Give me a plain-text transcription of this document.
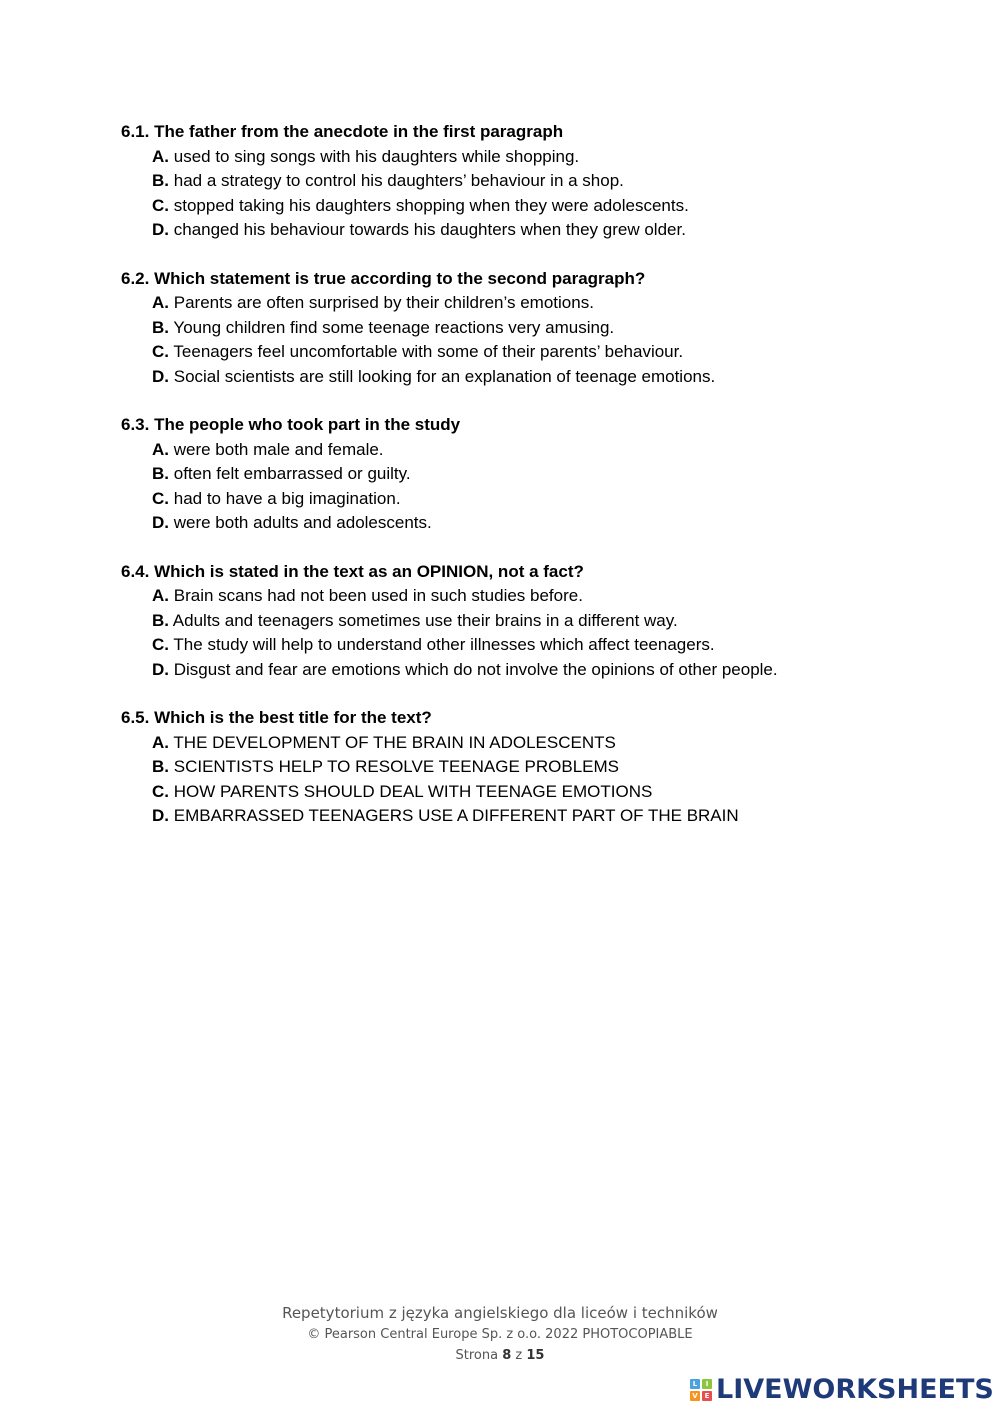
6.1. The father from the anecdote in the first paragraph

A. used to sing songs with his daughters while shopping.

B. had a strategy to control his daughters’ behaviour in a shop.

C. stopped taking his daughters shopping when they were adolescents.

D. changed his behaviour towards his daughters when they grew older.

6.2. Which statement is true according to the second paragraph?

A. Parents are often surprised by their children’s emotions.

B. Young children find some teenage reactions very amusing.

C. Teenagers feel uncomfortable with some of their parents’ behaviour.

D. Social scientists are still looking for an explanation of teenage emotions.

6.3. The people who took part in the study

A. were both male and female.

B. often felt embarrassed or guilty.

C. had to have a big imagination.

D. were both adults and adolescents.

6.4. Which is stated in the text as an OPINION, not a fact?

A. Brain scans had not been used in such studies before.

B. Adults and teenagers sometimes use their brains in a different way.

C. The study will help to understand other illnesses which affect teenagers.

D. Disgust and fear are emotions which do not involve the opinions of other people.

6.5. Which is the best title for the text?

A. THE DEVELOPMENT OF THE BRAIN IN ADOLESCENTS

B. SCIENTISTS HELP TO RESOLVE TEENAGE PROBLEMS

C. HOW PARENTS SHOULD DEAL WITH TEENAGE EMOTIONS

D. EMBARRASSED TEENAGERS USE A DIFFERENT PART OF THE BRAIN

Repetytorium z języka angielskiego dla liceów i techników
© Pearson Central Europe Sp. z o.o. 2022 PHOTOCOPIABLE
Strona 8 z 15
L	I
V E LIVEWORKSHEETS
